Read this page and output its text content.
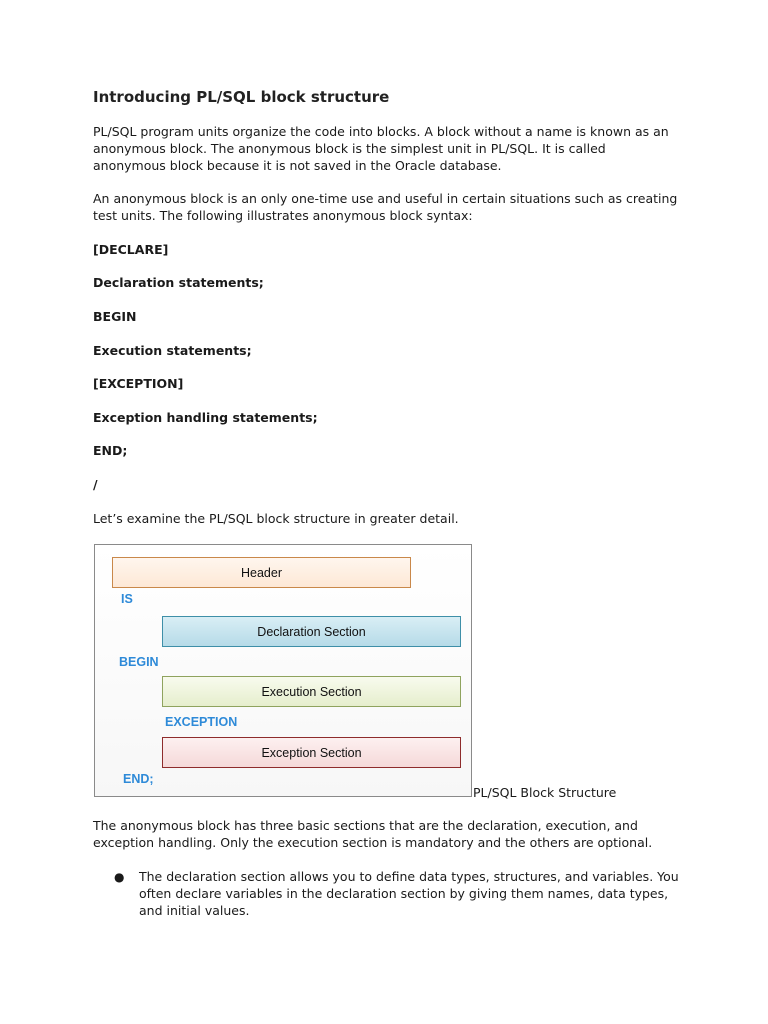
Introducing PL/SQL block structure

PL/SQL program units organize the code into blocks. A block without a name is known as an anonymous block. The anonymous block is the simplest unit in PL/SQL. It is called anonymous block because it is not saved in the Oracle database.

An anonymous block is an only one-time use and useful in certain situations such as creating test units. The following illustrates anonymous block syntax:

[DECLARE]
Declaration statements;
BEGIN
Execution statements;
[EXCEPTION]
Exception handling statements;
END;
/

Let’s examine the PL/SQL block structure in greater detail.

Header
IS
Declaration Section
BEGIN
Execution Section
EXCEPTION
Exception Section
END;
PL/SQL Block Structure

The anonymous block has three basic sections that are the declaration, execution, and exception handling. Only the execution section is mandatory and the others are optional.

● The declaration section allows you to define data types, structures, and variables. You often declare variables in the declaration section by giving them names, data types, and initial values.
